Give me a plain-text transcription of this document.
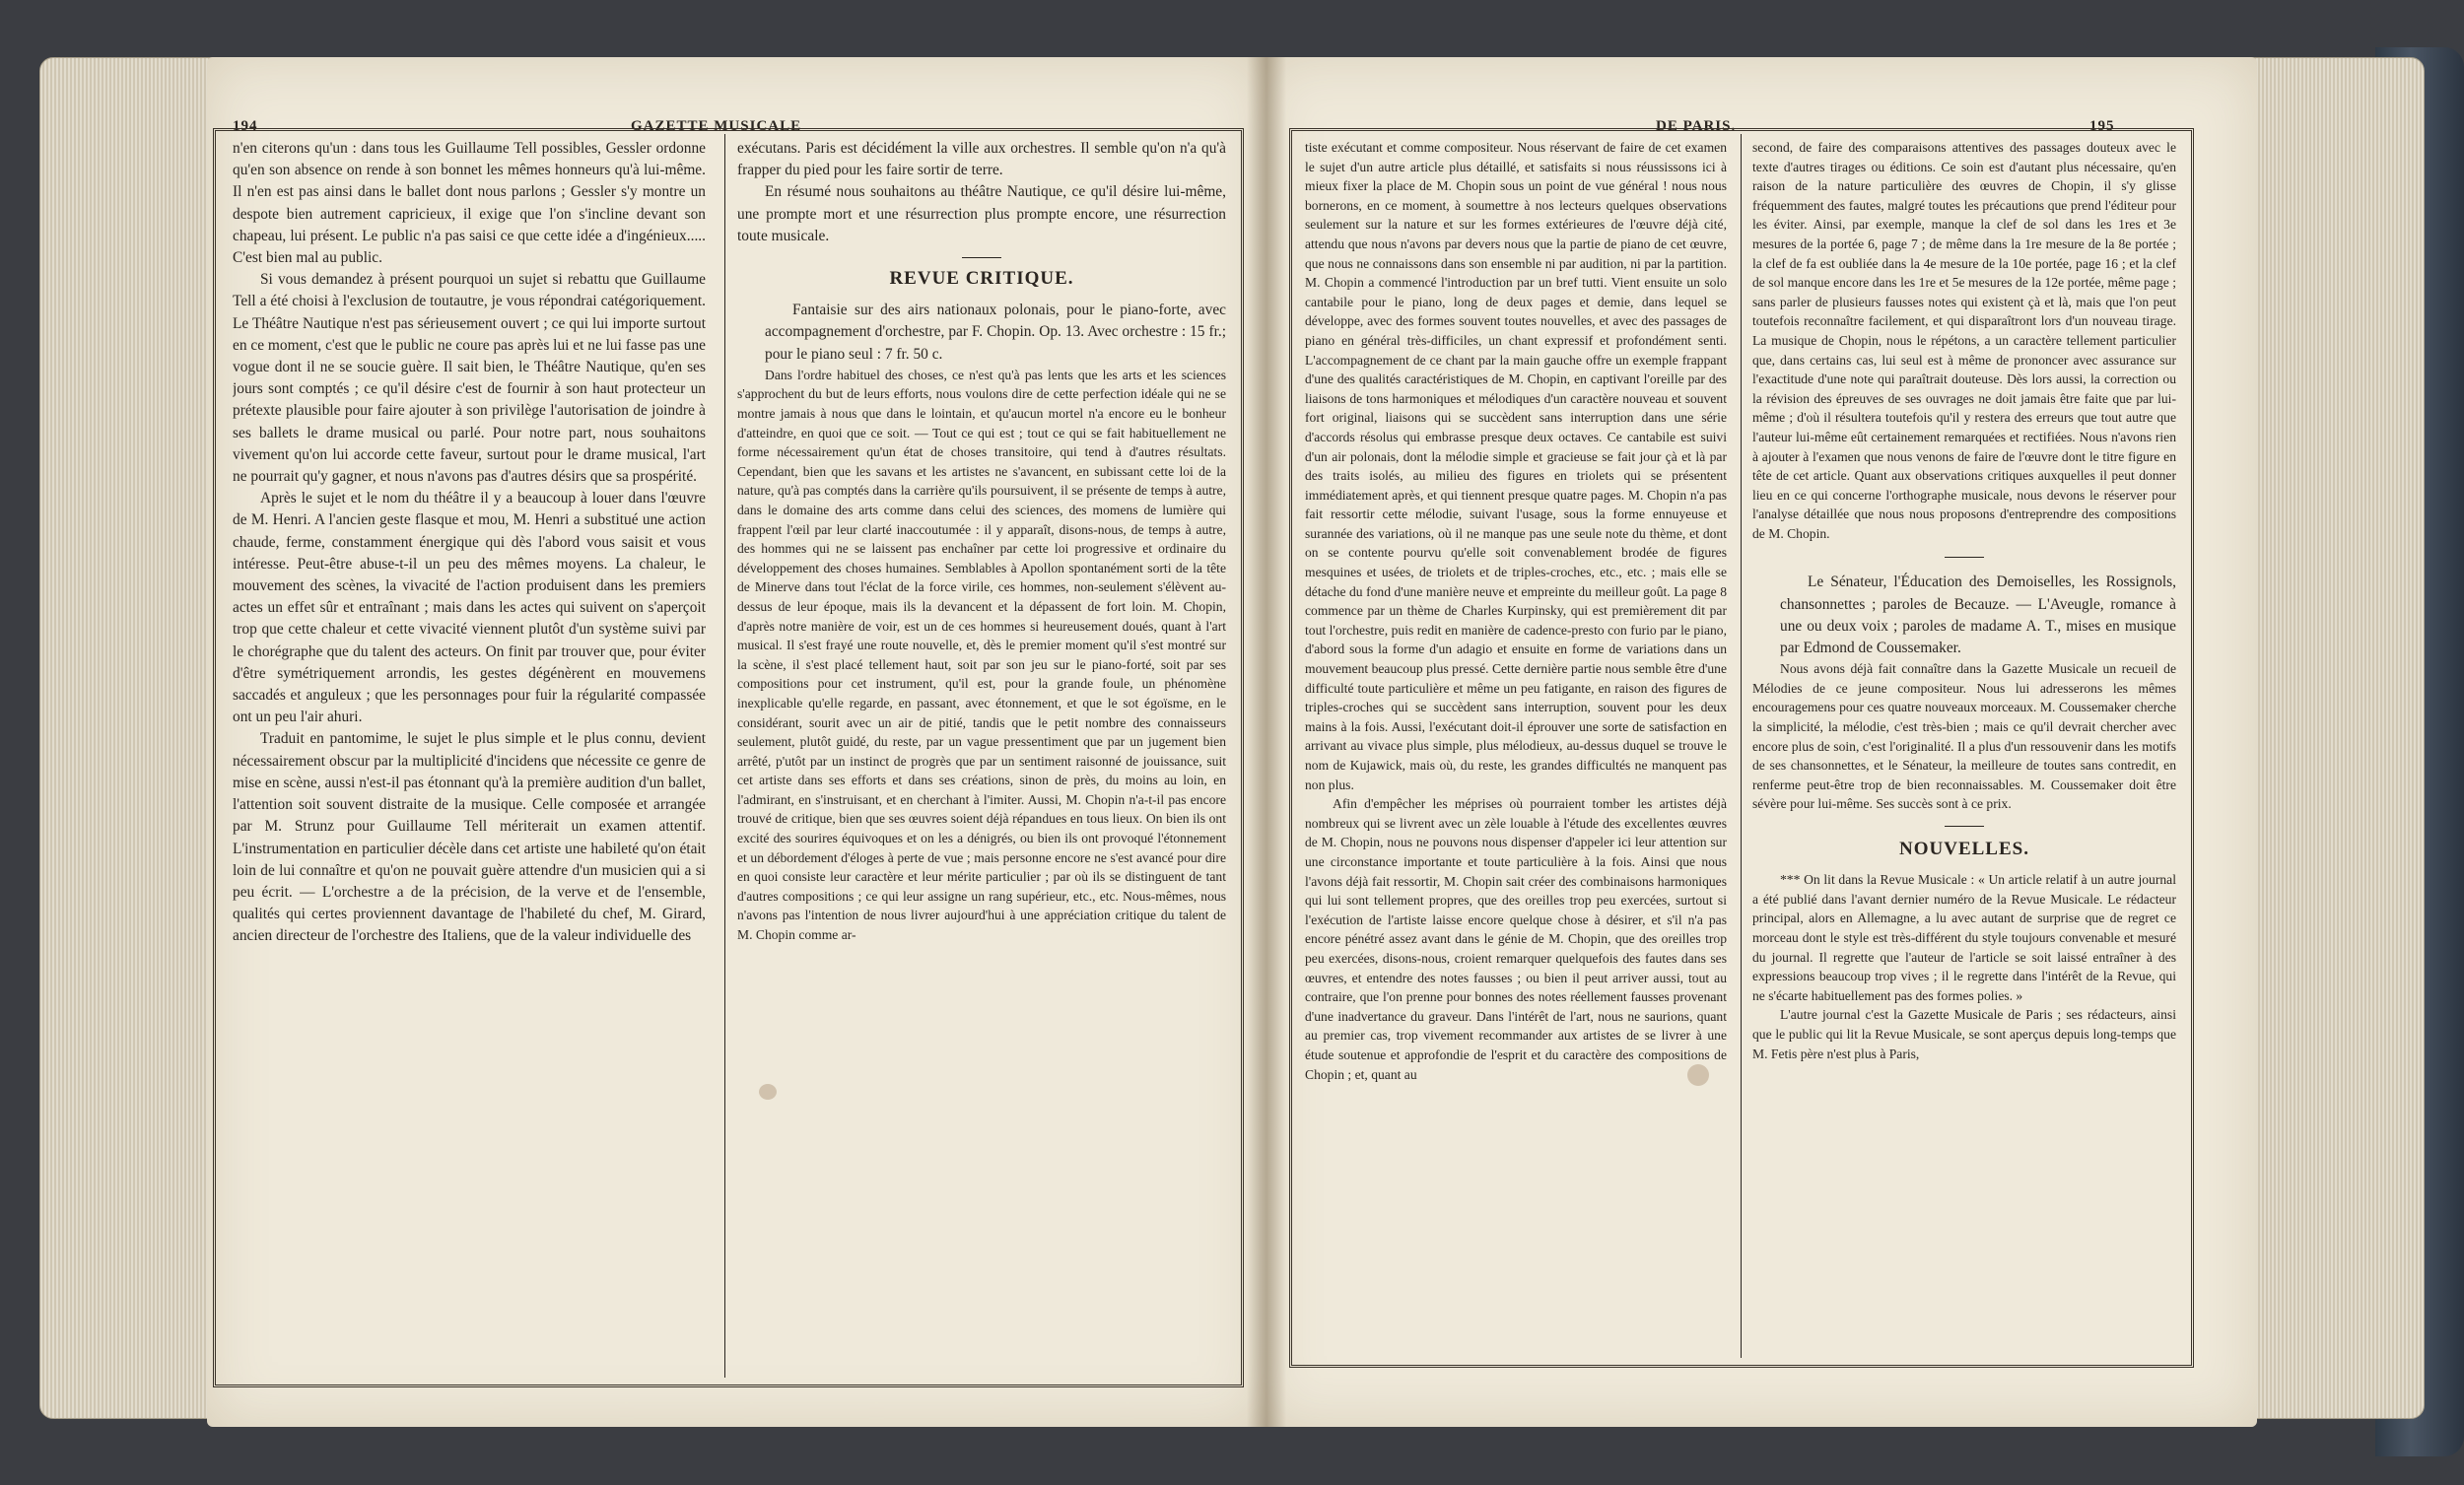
194	GAZETTE MUSICALE	DE PARIS.	195

n'en citerons qu'un : dans tous les Guillaume Tell possibles, Gessler ordonne qu'en son absence on rende à son bonnet les mêmes honneurs qu'à lui-même. Il n'en est pas ainsi dans le ballet dont nous parlons ; Gessler s'y montre un despote bien autrement capricieux, il exige que l'on s'incline devant son chapeau, lui présent. Le public n'a pas saisi ce que cette idée a d'ingénieux..... C'est bien mal au public.

Si vous demandez à présent pourquoi un sujet si rebattu que Guillaume Tell a été choisi à l'exclusion de toutautre, je vous répondrai catégoriquement. Le Théâtre Nautique n'est pas sérieusement ouvert ; ce qui lui importe surtout en ce moment, c'est que le public ne coure pas après lui et ne lui fasse pas une vogue dont il ne se soucie guère. Il sait bien, le Théâtre Nautique, qu'en ses jours sont comptés ; ce qu'il désire c'est de fournir à son haut protecteur un prétexte plausible pour faire ajouter à son privilège l'autorisation de joindre à ses ballets le drame musical ou parlé. Pour notre part, nous souhaitons vivement qu'on lui accorde cette faveur, surtout pour le drame musical, l'art ne pourrait qu'y gagner, et nous n'avons pas d'autres désirs que sa prospérité.

Après le sujet et le nom du théâtre il y a beaucoup à louer dans l'œuvre de M. Henri. A l'ancien geste flasque et mou, M. Henri a substitué une action chaude, ferme, constamment énergique qui dès l'abord vous saisit et vous intéresse. Peut-être abuse-t-il un peu des mêmes moyens. La chaleur, le mouvement des scènes, la vivacité de l'action produisent dans les premiers actes un effet sûr et entraînant ; mais dans les actes qui suivent on s'aperçoit trop que cette chaleur et cette vivacité viennent plutôt d'un système suivi par le chorégraphe que du talent des acteurs. On finit par trouver que, pour éviter d'être symétriquement arrondis, les gestes dégénèrent en mouvemens saccadés et anguleux ; que les personnages pour fuir la régularité compassée ont un peu l'air ahuri.

Traduit en pantomime, le sujet le plus simple et le plus connu, devient nécessairement obscur par la multiplicité d'incidens que nécessite ce genre de mise en scène, aussi n'est-il pas étonnant qu'à la première audition d'un ballet, l'attention soit souvent distraite de la musique. Celle composée et arrangée par M. Strunz pour Guillaume Tell mériterait un examen attentif. L'instrumentation en particulier décèle dans cet artiste une habileté qu'on était loin de lui connaître et qu'on ne pouvait guère attendre d'un musicien qui a si peu écrit. — L'orchestre a de la précision, de la verve et de l'ensemble, qualités qui certes proviennent davantage de l'habileté du chef, M. Girard, ancien directeur de l'orchestre des Italiens, que de la valeur individuelle des

exécutans. Paris est décidément la ville aux orchestres. Il semble qu'on n'a qu'à frapper du pied pour les faire sortir de terre.

En résumé nous souhaitons au théâtre Nautique, ce qu'il désire lui-même, une prompte mort et une résurrection plus prompte encore, une résurrection toute musicale.

REVUE CRITIQUE.

Fantaisie sur des airs nationaux polonais, pour le piano-forte, avec accompagnement d'orchestre, par F. Chopin. Op. 13. Avec orchestre : 15 fr.; pour le piano seul : 7 fr. 50 c.

Dans l'ordre habituel des choses, ce n'est qu'à pas lents que les arts et les sciences s'approchent du but de leurs efforts, nous voulons dire de cette perfection idéale qui ne se montre jamais à nous que dans le lointain, et qu'aucun mortel n'a encore eu le bonheur d'atteindre, en quoi que ce soit. — Tout ce qui est ; tout ce qui se fait habituellement ne forme nécessairement qu'un état de choses transitoire, qui tend à d'autres résultats. Cependant, bien que les savans et les artistes ne s'avancent, en subissant cette loi de la nature, qu'à pas comptés dans la carrière qu'ils poursuivent, il se présente de temps à autre, dans le domaine des arts comme dans celui des sciences, des momens de lumière qui frappent l'œil par leur clarté inaccoutumée : il y apparaît, disons-nous, de temps à autre, des hommes qui ne se laissent pas enchaîner par cette loi progressive et ordinaire du développement des choses humaines. Semblables à Apollon spontanément sorti de la tête de Minerve dans tout l'éclat de la force virile, ces hommes, non-seulement s'élèvent au-dessus de leur époque, mais ils la devancent et la dépassent de fort loin. M. Chopin, d'après notre manière de voir, est un de ces hommes si heureusement doués, quant à l'art musical. Il s'est frayé une route nouvelle, et, dès le premier moment qu'il s'est montré sur la scène, il s'est placé tellement haut, soit par son jeu sur le piano-forté, soit par ses compositions pour cet instrument, qu'il est, pour la grande foule, un phénomène inexplicable qu'elle regarde, en passant, avec étonnement, et que le sot égoïsme, en le considérant, sourit avec un air de pitié, tandis que le petit nombre des connaisseurs seulement, plutôt guidé, du reste, par un vague pressentiment que par un jugement bien arrêté, p'utôt par un instinct de progrès que par un sentiment raisonné de jouissance, suit cet artiste dans ses efforts et dans ses créations, sinon de près, du moins au loin, en l'admirant, en s'instruisant, et en cherchant à l'imiter. Aussi, M. Chopin n'a-t-il pas encore trouvé de critique, bien que ses œuvres soient déjà répandues en tous lieux. On bien ils ont excité des sourires équivoques et on les a dénigrés, ou bien ils ont provoqué l'étonnement et un débordement d'éloges à perte de vue ; mais personne encore ne s'est avancé pour dire en quoi consiste leur caractère et leur mérite particulier ; par où ils se distinguent de tant d'autres compositions ; ce qui leur assigne un rang supérieur, etc., etc. Nous-mêmes, nous n'avons pas l'intention de nous livrer aujourd'hui à une appréciation critique du talent de M. Chopin comme ar-

tiste exécutant et comme compositeur. Nous réservant de faire de cet examen le sujet d'un autre article plus détaillé, et satisfaits si nous réussissons ici à mieux fixer la place de M. Chopin sous un point de vue général ! nous nous bornerons, en ce moment, à soumettre à nos lecteurs quelques observations seulement sur la nature et sur les formes extérieures de l'œuvre déjà cité, attendu que nous n'avons par devers nous que la partie de piano de cet œuvre, que nous ne connaissons dans son ensemble ni par audition, ni par la partition. M. Chopin a commencé l'introduction par un bref tutti. Vient ensuite un solo cantabile pour le piano, long de deux pages et demie, dans lequel se développe, avec des formes souvent toutes nouvelles, et avec des passages de piano en général très-difficiles, un chant expressif et profondément senti. L'accompagnement de ce chant par la main gauche offre un exemple frappant d'une des qualités caractéristiques de M. Chopin, en captivant l'oreille par des liaisons de tons harmoniques et mélodiques d'un caractère nouveau et souvent fort original, liaisons qui se succèdent sans interruption dans une série d'accords résolus qui embrasse presque deux octaves. Ce cantabile est suivi d'un air polonais, dont la mélodie simple et gracieuse se fait jour çà et là par des traits isolés, au milieu des figures en triolets qui se présentent immédiatement après, et qui tiennent presque quatre pages. M. Chopin n'a pas fait ressortir cette mélodie, suivant l'usage, sous la forme ennuyeuse et surannée des variations, où il ne manque pas une seule note du thème, et dont on se contente pourvu qu'elle soit convenablement brodée de figures mesquines et usées, de triolets et de triples-croches, etc., etc. ; mais elle se détache du fond d'une manière neuve et empreinte du meilleur goût. La page 8 commence par un thème de Charles Kurpinsky, qui est premièrement dit par tout l'orchestre, puis redit en manière de cadence-presto con furio par le piano, d'abord sous la forme d'un adagio et ensuite en forme de variations dans un mouvement beaucoup plus pressé. Cette dernière partie nous semble être d'une difficulté toute particulière et même un peu fatigante, en raison des figures de triples-croches qui se succèdent sans interruption, souvent pour les deux mains à la fois. Aussi, l'exécutant doit-il éprouver une sorte de satisfaction en arrivant au vivace plus simple, plus mélodieux, au-dessus duquel se trouve le nom de Kujawick, mais où, du reste, les grandes difficultés ne manquent pas non plus.

Afin d'empêcher les méprises où pourraient tomber les artistes déjà nombreux qui se livrent avec un zèle louable à l'étude des excellentes œuvres de M. Chopin, nous ne pouvons nous dispenser d'appeler ici leur attention sur une circonstance importante et toute particulière à la fois. Ainsi que nous l'avons déjà fait ressortir, M. Chopin sait créer des combinaisons harmoniques qui lui sont tellement propres, que des oreilles trop peu exercées, surtout si l'exécution de l'artiste laisse encore quelque chose à désirer, et s'il n'a pas encore pénétré assez avant dans le génie de M. Chopin, que des oreilles trop peu exercées, disons-nous, croient remarquer quelquefois des fautes dans ses œuvres, et entendre des notes fausses ; ou bien il peut arriver aussi, tout au contraire, que l'on prenne pour bonnes des notes réellement fausses provenant d'une inadvertance du graveur. Dans l'intérêt de l'art, nous ne saurions, quant au premier cas, trop vivement recommander aux artistes de se livrer à une étude soutenue et approfondie de l'esprit et du caractère des compositions de Chopin ; et, quant au

second, de faire des comparaisons attentives des passages douteux avec le texte d'autres tirages ou éditions. Ce soin est d'autant plus nécessaire, qu'en raison de la nature particulière des œuvres de Chopin, il s'y glisse fréquemment des fautes, malgré toutes les précautions que prend l'éditeur pour les éviter. Ainsi, par exemple, manque la clef de sol dans les 1res et 3e mesures de la portée 6, page 7 ; de même dans la 1re mesure de la 8e portée ; la clef de fa est oubliée dans la 4e mesure de la 10e portée, page 16 ; et la clef de sol manque encore dans les 1re et 5e mesures de la 12e portée, même page ; sans parler de plusieurs fausses notes qui existent çà et là, mais que l'on peut toutefois reconnaître facilement, et qui disparaîtront lors d'un nouveau tirage. La musique de Chopin, nous le répétons, a un caractère tellement particulier que, dans certains cas, lui seul est à même de prononcer avec assurance sur l'exactitude d'une note qui paraîtrait douteuse. Dès lors aussi, la correction ou la révision des épreuves de ses ouvrages ne doit jamais être faite que par lui-même ; d'où il résultera toutefois qu'il y restera des erreurs que tout autre que l'auteur lui-même eût certainement remarquées et rectifiées. Nous n'avons rien à ajouter à l'examen que nous venons de faire de l'œuvre dont le titre figure en tête de cet article. Quant aux observations critiques auxquelles il peut donner lieu en ce qui concerne l'orthographe musicale, nous devons le réserver pour l'analyse détaillée que nous nous proposons d'entreprendre des compositions de M. Chopin.

Le Sénateur, l'Éducation des Demoiselles, les Rossignols, chansonnettes ; paroles de Becauze. — L'Aveugle, romance à une ou deux voix ; paroles de madame A. T., mises en musique par Edmond de Coussemaker.

Nous avons déjà fait connaître dans la Gazette Musicale un recueil de Mélodies de ce jeune compositeur. Nous lui adresserons les mêmes encouragemens pour ces quatre nouveaux morceaux. M. Coussemaker cherche la simplicité, la mélodie, c'est très-bien ; mais ce qu'il devrait chercher avec encore plus de soin, c'est l'originalité. Il a plus d'un ressouvenir dans les motifs de ses chansonnettes, et le Sénateur, la meilleure de toutes sans contredit, en renferme peut-être trop de bien reconnaissables. M. Coussemaker doit être sévère pour lui-même. Ses succès sont à ce prix.

NOUVELLES.

*** On lit dans la Revue Musicale : « Un article relatif à un autre journal a été publié dans l'avant dernier numéro de la Revue Musicale. Le rédacteur principal, alors en Allemagne, a lu avec autant de surprise que de regret ce morceau dont le style est très-différent du style toujours convenable et mesuré du journal. Il regrette que l'auteur de l'article se soit laissé entraîner à des expressions beaucoup trop vives ; il le regrette dans l'intérêt de la Revue, qui ne s'écarte habituellement pas des formes polies. »

L'autre journal c'est la Gazette Musicale de Paris ; ses rédacteurs, ainsi que le public qui lit la Revue Musicale, se sont aperçus depuis long-temps que M. Fetis père n'est plus à Paris,
